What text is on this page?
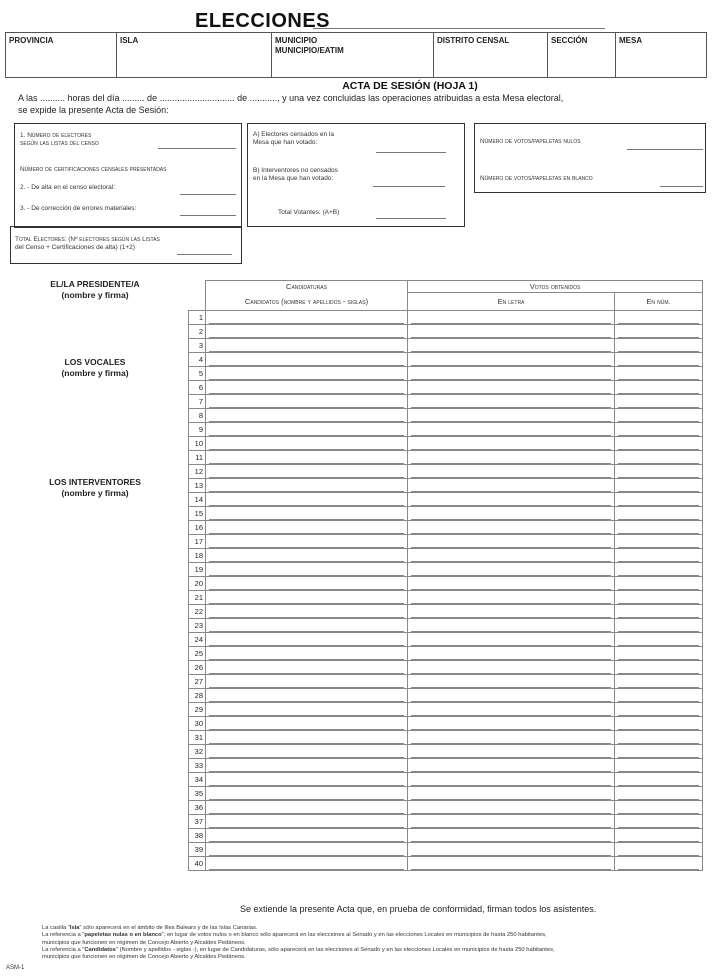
ELECCIONES
PROVINCIA	ISLA	MUNICIPIO
MUNICIPIO/EATIM
DISTRITO CENSAL	SECCIÓN	MESA
ACTA DE SESIÓN (HOJA 1)
A las .......... horas del día ......... de .............................. de ..........., y una vez concluidas las operaciones atribuidas a esta Mesa electoral,
se expide la presente Acta de Sesión:
1. Número de electores
según las listas del censo
Número de certificaciones censales presentadas
2. - De alta en el censo electoral:
3. - De corrección de errores materiales:
Total Electores: (Nº electores según las Listas
del Censo + Certificaciones de alta) (1+2)
A) Electores censados en la
Mesa que han votado:
B) Interventores no censados
en la Mesa que han votado:
Total Votantes: (A+B)
Número de votos/papeletas nulos
Número de votos/papeletas en blanco
EL/LA PRESIDENTE/A
(nombre y firma)
LOS VOCALES
(nombre y firma)
LOS INTERVENTORES
(nombre y firma)
	Candidaturas	Votos obtenidos	
	Candidatos (nombre y apellidos - siglas)	En letra	En núm.
1	

2	

3	

4	

5	

6	

7	

8	

9	

10	

11	

12	

13	

14	

15	

16	

17	

18	

19	

20	

21	

22	

23	

24	

25	

26	

27	

28	

29	

30	

31	

32	

33	

34	

35	

36	

37	

38	

39	

40	

Se extiende la presente Acta que, en prueba de conformidad, firman todos los asistentes.
La casilla "Isla" sólo aparecerá en el ámbito de Illes Balears y de las Islas Canarias.
La referencia a "papeletas nulas o en blanco", en lugar de votos nulos o en blanco sólo aparecerá en las elecciones al Senado y en las elecciones Locales en municipios de hasta 250 habitantes,
municipios que funcionen en régimen de Concejo Abierto y Alcaldes Pedáneos.
La referencia a "Candidatos" (Nombre y apellidos - siglas -), en lugar de Candidaturas, sólo aparecerá en las elecciones al Senado y en las elecciones Locales en municipios de hasta 250 habitantes,
municipios que funcionen en régimen de Concejo Abierto y Alcaldes Pedáneos.
ASM-1
